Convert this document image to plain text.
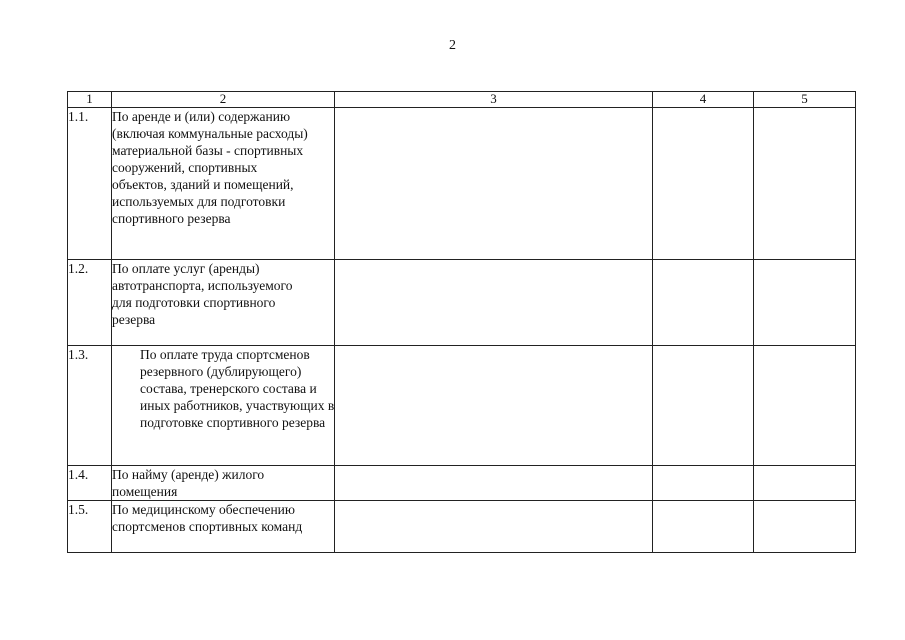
2
1	2	3	4	5
1.1.	По аренде и (или) содержанию (включая коммунальные расходы) материальной базы - спортивных сооружений, спортивных объектов, зданий и помещений, используемых для подготовки спортивного резерва			

1.2.	По оплате услуг (аренды) автотранспорта, используемого для подготовки спортивного резерва			

1.3.	По оплате труда спортсменов резервного (дублирующего) состава, тренерского состава и иных работников, участвующих в подготовке спортивного резерва			

1.4.	По найму (аренде) жилого помещения			

1.5.	По медицинскому обеспечению спортсменов спортивных команд			
